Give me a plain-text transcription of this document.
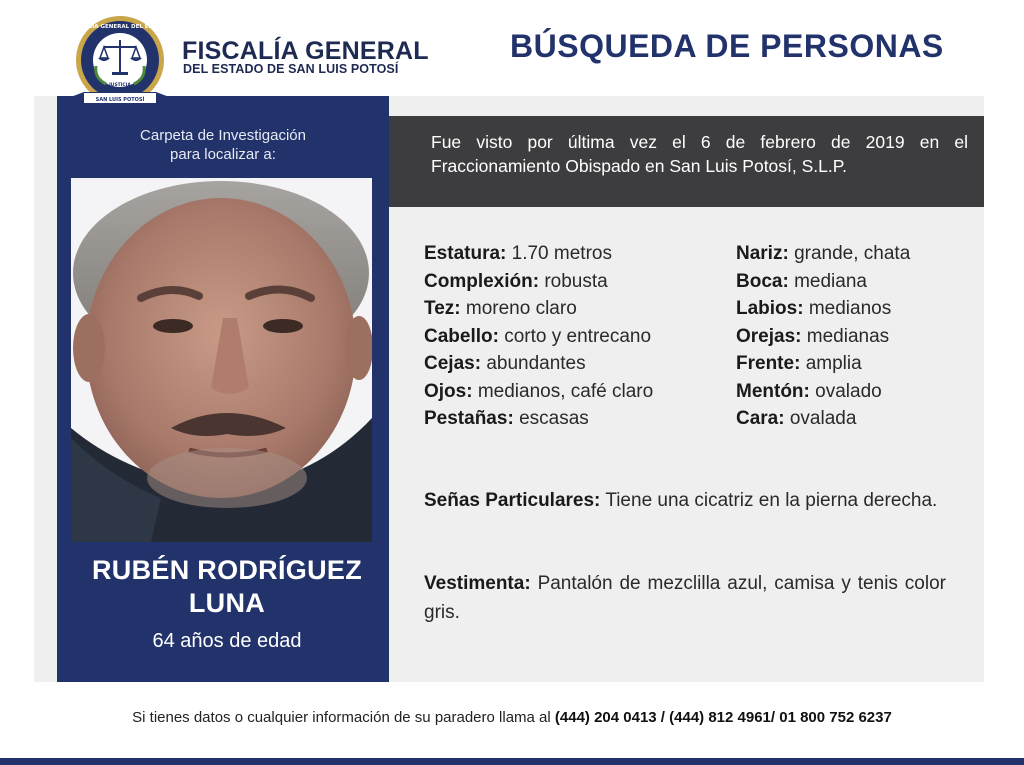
FISCALIA GENERAL DEL ESTADO
JUSTICIA
SAN LUIS POTOSÍ
FISCALÍA GENERAL
DEL ESTADO DE SAN LUIS POTOSÍ
BÚSQUEDA DE PERSONAS
Carpeta de Investigación
para localizar a:
RUBÉN RODRÍGUEZ
LUNA
64 años de edad
Fue visto por última vez el 6 de febrero de 2019 en el
Fraccionamiento Obispado en San Luis Potosí, S.L.P.
Estatura: 1.70 metros
Complexión: robusta
Tez: moreno claro
Cabello: corto y entrecano
Cejas: abundantes
Ojos: medianos, café claro
Pestañas: escasas
Nariz: grande, chata
Boca: mediana
Labios: medianos
Orejas: medianas
Frente: amplia
Mentón: ovalado
Cara: ovalada
Señas Particulares: Tiene una cicatriz en la pierna derecha.
Vestimenta: Pantalón de mezclilla azul, camisa y tenis color gris.
Si tienes datos o cualquier información de su paradero llama al (444) 204 0413 / (444) 812 4961/ 01 800 752 6237
